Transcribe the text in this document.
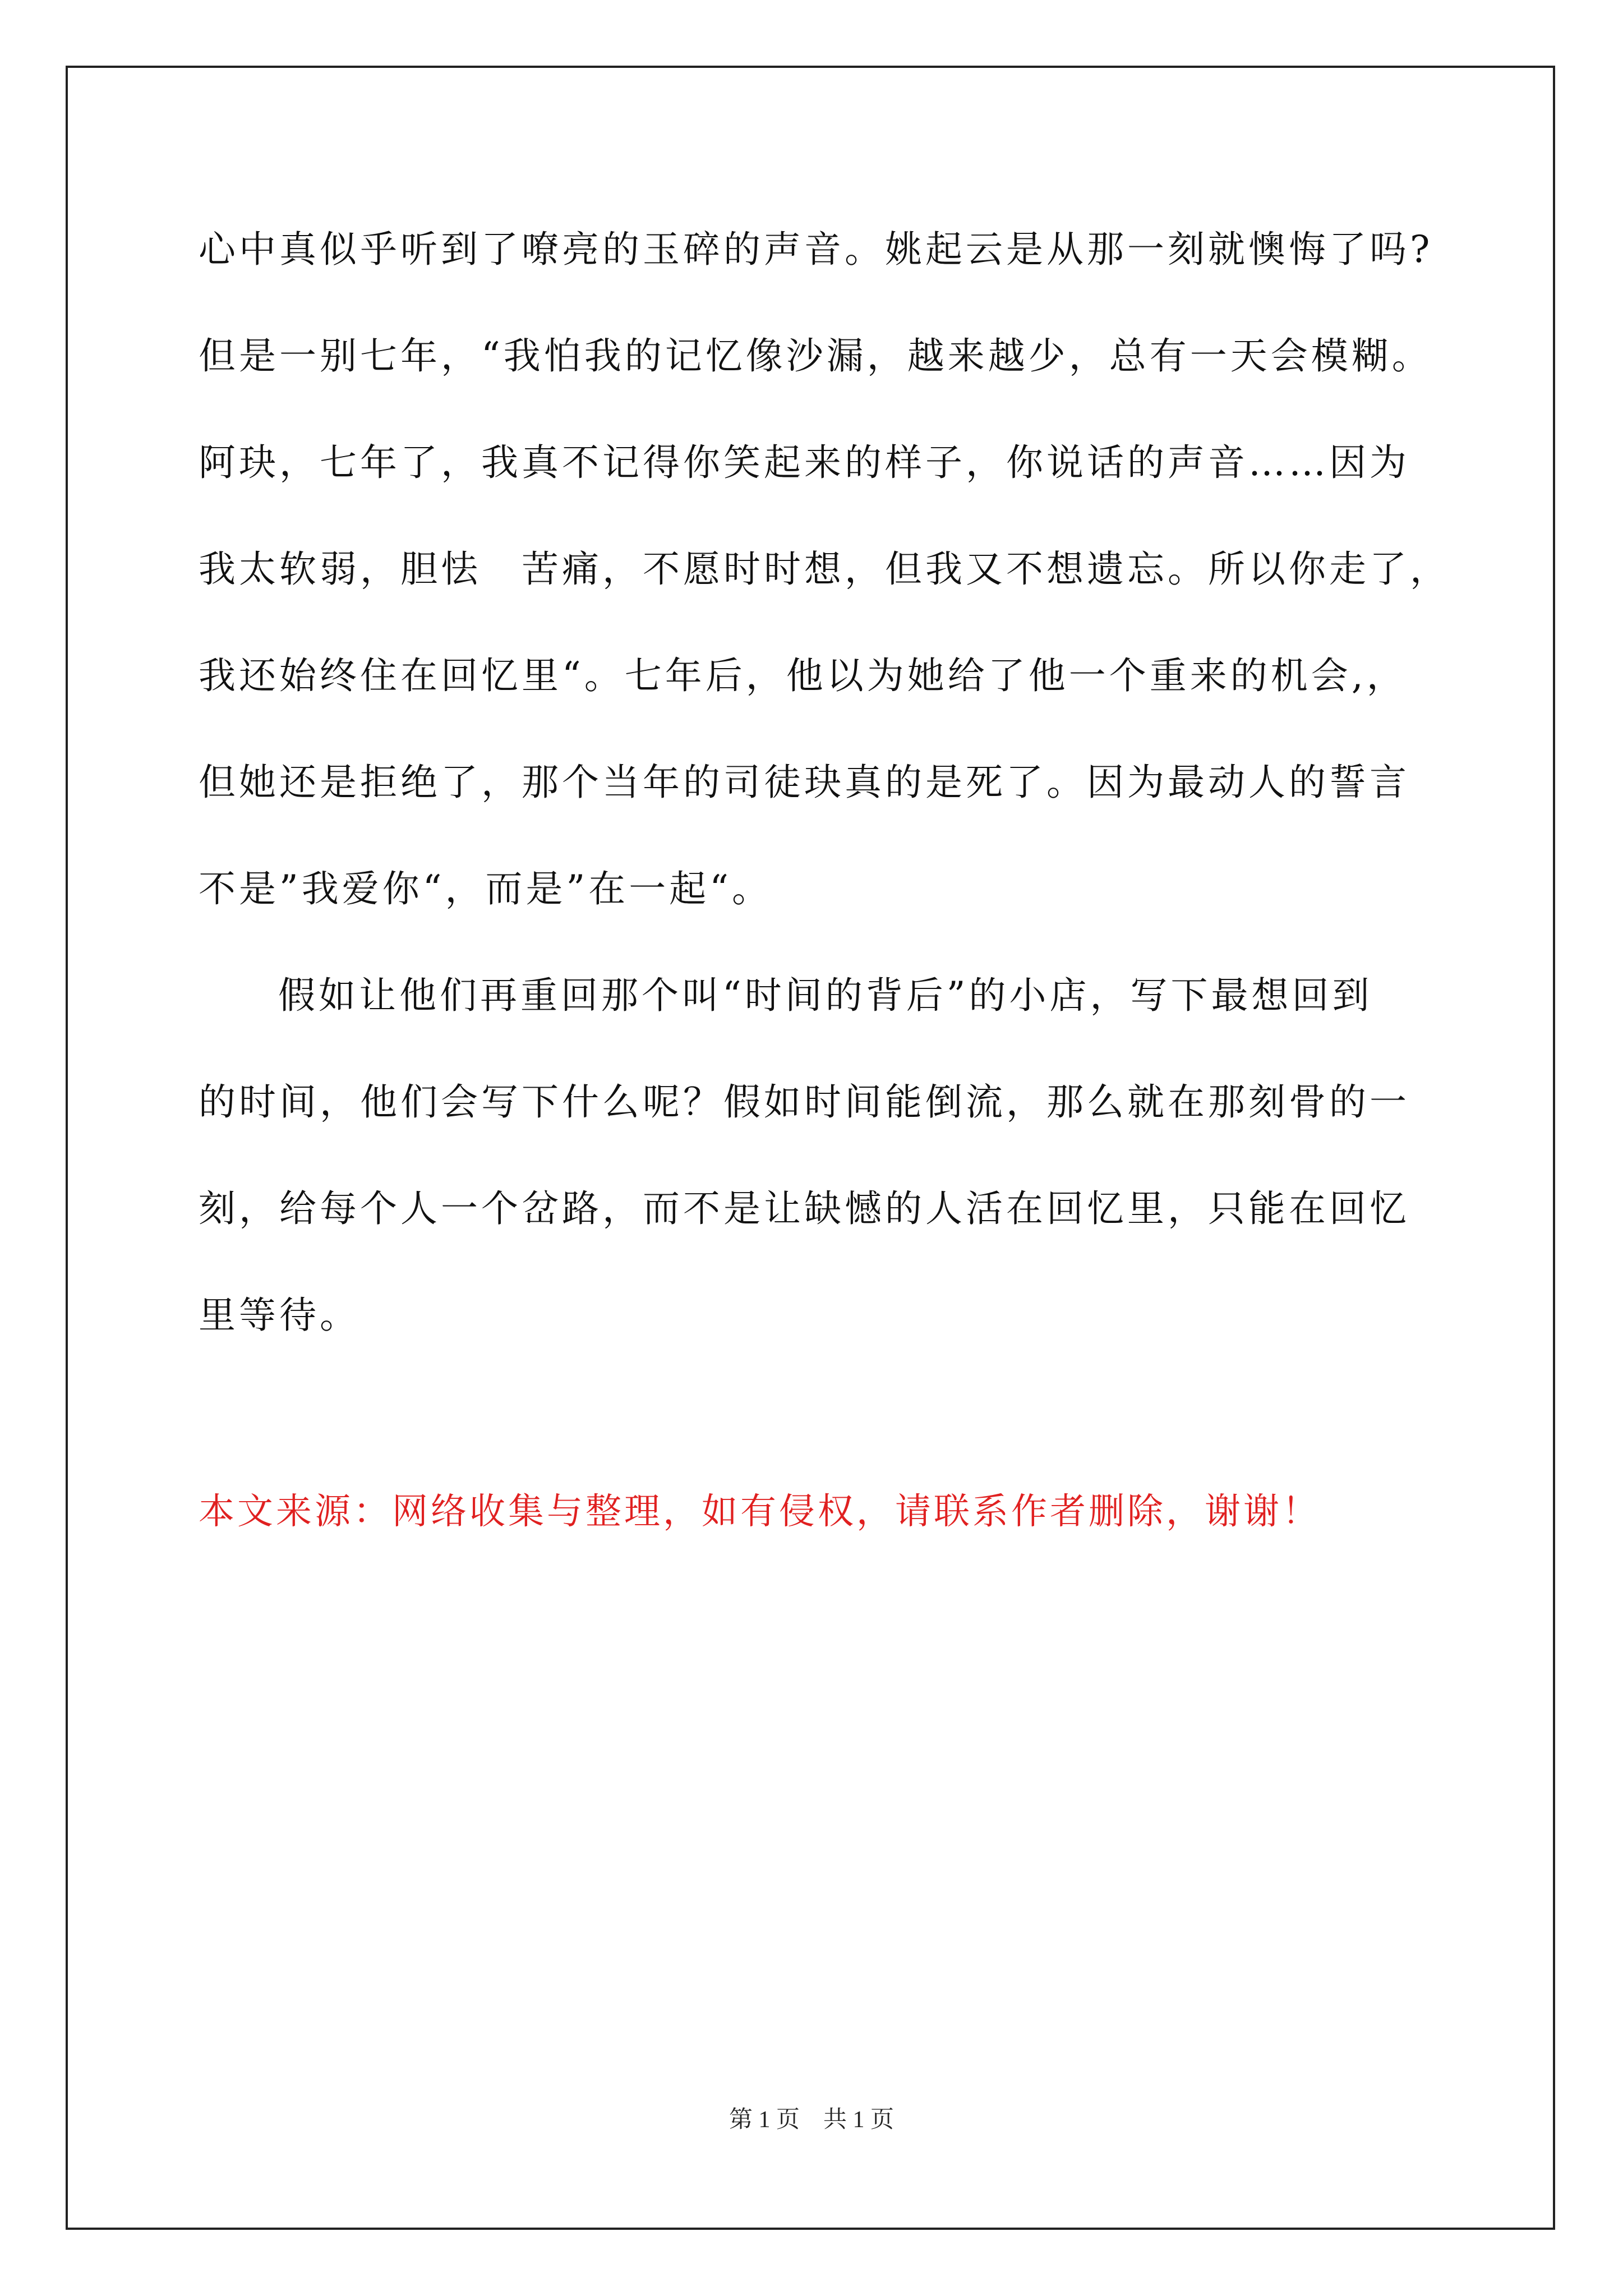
心中真似乎听到了嘹亮的玉碎的声音。姚起云是从那一刻就懊悔了吗?

但是一别七年，“我怕我的记忆像沙漏，越来越少，总有一天会模糊。

阿玦，七年了，我真不记得你笑起来的样子，你说话的声音……因为

我太软弱，胆怯　苦痛，不愿时时想，但我又不想遗忘。所以你走了，

我还始终住在回忆里“。七年后，他以为她给了他一个重来的机会,，

但她还是拒绝了，那个当年的司徒玦真的是死了。因为最动人的誓言

不是”我爱你“，而是”在一起“。

假如让他们再重回那个叫“时间的背后”的小店，写下最想回到

的时间，他们会写下什么呢？假如时间能倒流，那么就在那刻骨的一

刻，给每个人一个岔路，而不是让缺憾的人活在回忆里，只能在回忆

里等待。

本文来源：网络收集与整理，如有侵权，请联系作者删除，谢谢！
第 1 页　共 1 页
